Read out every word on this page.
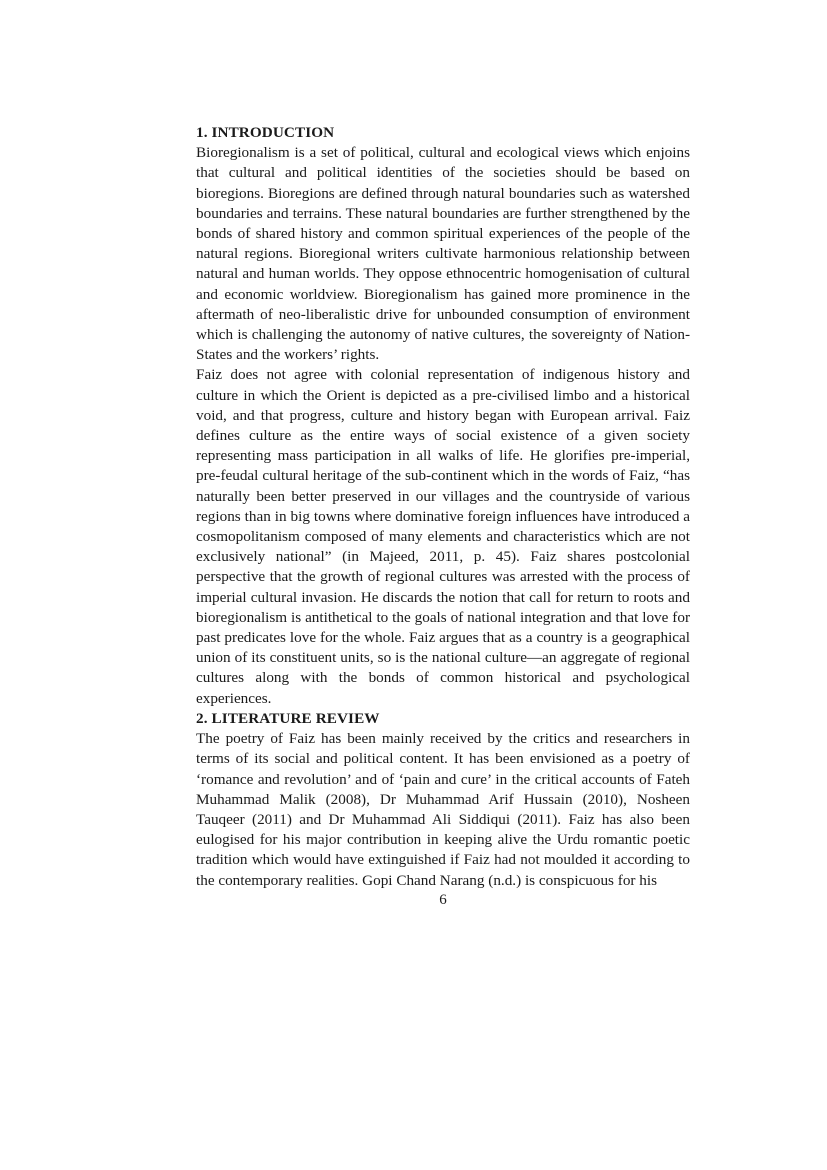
1. INTRODUCTION

Bioregionalism is a set of political, cultural and ecological views which enjoins that cultural and political identities of the societies should be based on bioregions. Bioregions are defined through natural boundaries such as watershed boundaries and terrains. These natural boundaries are further strengthened by the bonds of shared history and common spiritual experiences of the people of the natural regions. Bioregional writers cultivate harmonious relationship between natural and human worlds. They oppose ethnocentric homogenisation of cultural and economic worldview. Bioregionalism has gained more prominence in the aftermath of neo-liberalistic drive for unbounded consumption of environment which is challenging the autonomy of native cultures, the sovereignty of Nation-States and the workers’ rights.

Faiz does not agree with colonial representation of indigenous history and culture in which the Orient is depicted as a pre-civilised limbo and a historical void, and that progress, culture and history began with European arrival. Faiz defines culture as the entire ways of social existence of a given society representing mass participation in all walks of life. He glorifies pre-imperial, pre-feudal cultural heritage of the sub-continent which in the words of Faiz, “has naturally been better preserved in our villages and the countryside of various regions than in big towns where dominative foreign influences have introduced a cosmopolitanism composed of many elements and characteristics which are not exclusively national” (in Majeed, 2011, p. 45). Faiz shares postcolonial perspective that the growth of regional cultures was arrested with the process of imperial cultural invasion. He discards the notion that call for return to roots and bioregionalism is antithetical to the goals of national integration and that love for past predicates love for the whole. Faiz argues that as a country is a geographical union of its constituent units, so is the national culture—an aggregate of regional cultures along with the bonds of common historical and psychological experiences.

2. LITERATURE REVIEW

The poetry of Faiz has been mainly received by the critics and researchers in terms of its social and political content. It has been envisioned as a poetry of ‘romance and revolution’ and of ‘pain and cure’ in the critical accounts of Fateh Muhammad Malik (2008), Dr Muhammad Arif Hussain (2010), Nosheen Tauqeer (2011) and Dr Muhammad Ali Siddiqui (2011). Faiz has also been eulogised for his major contribution in keeping alive the Urdu romantic poetic tradition which would have extinguished if Faiz had not moulded it according to the contemporary realities. Gopi Chand Narang (n.d.) is conspicuous for his

6
